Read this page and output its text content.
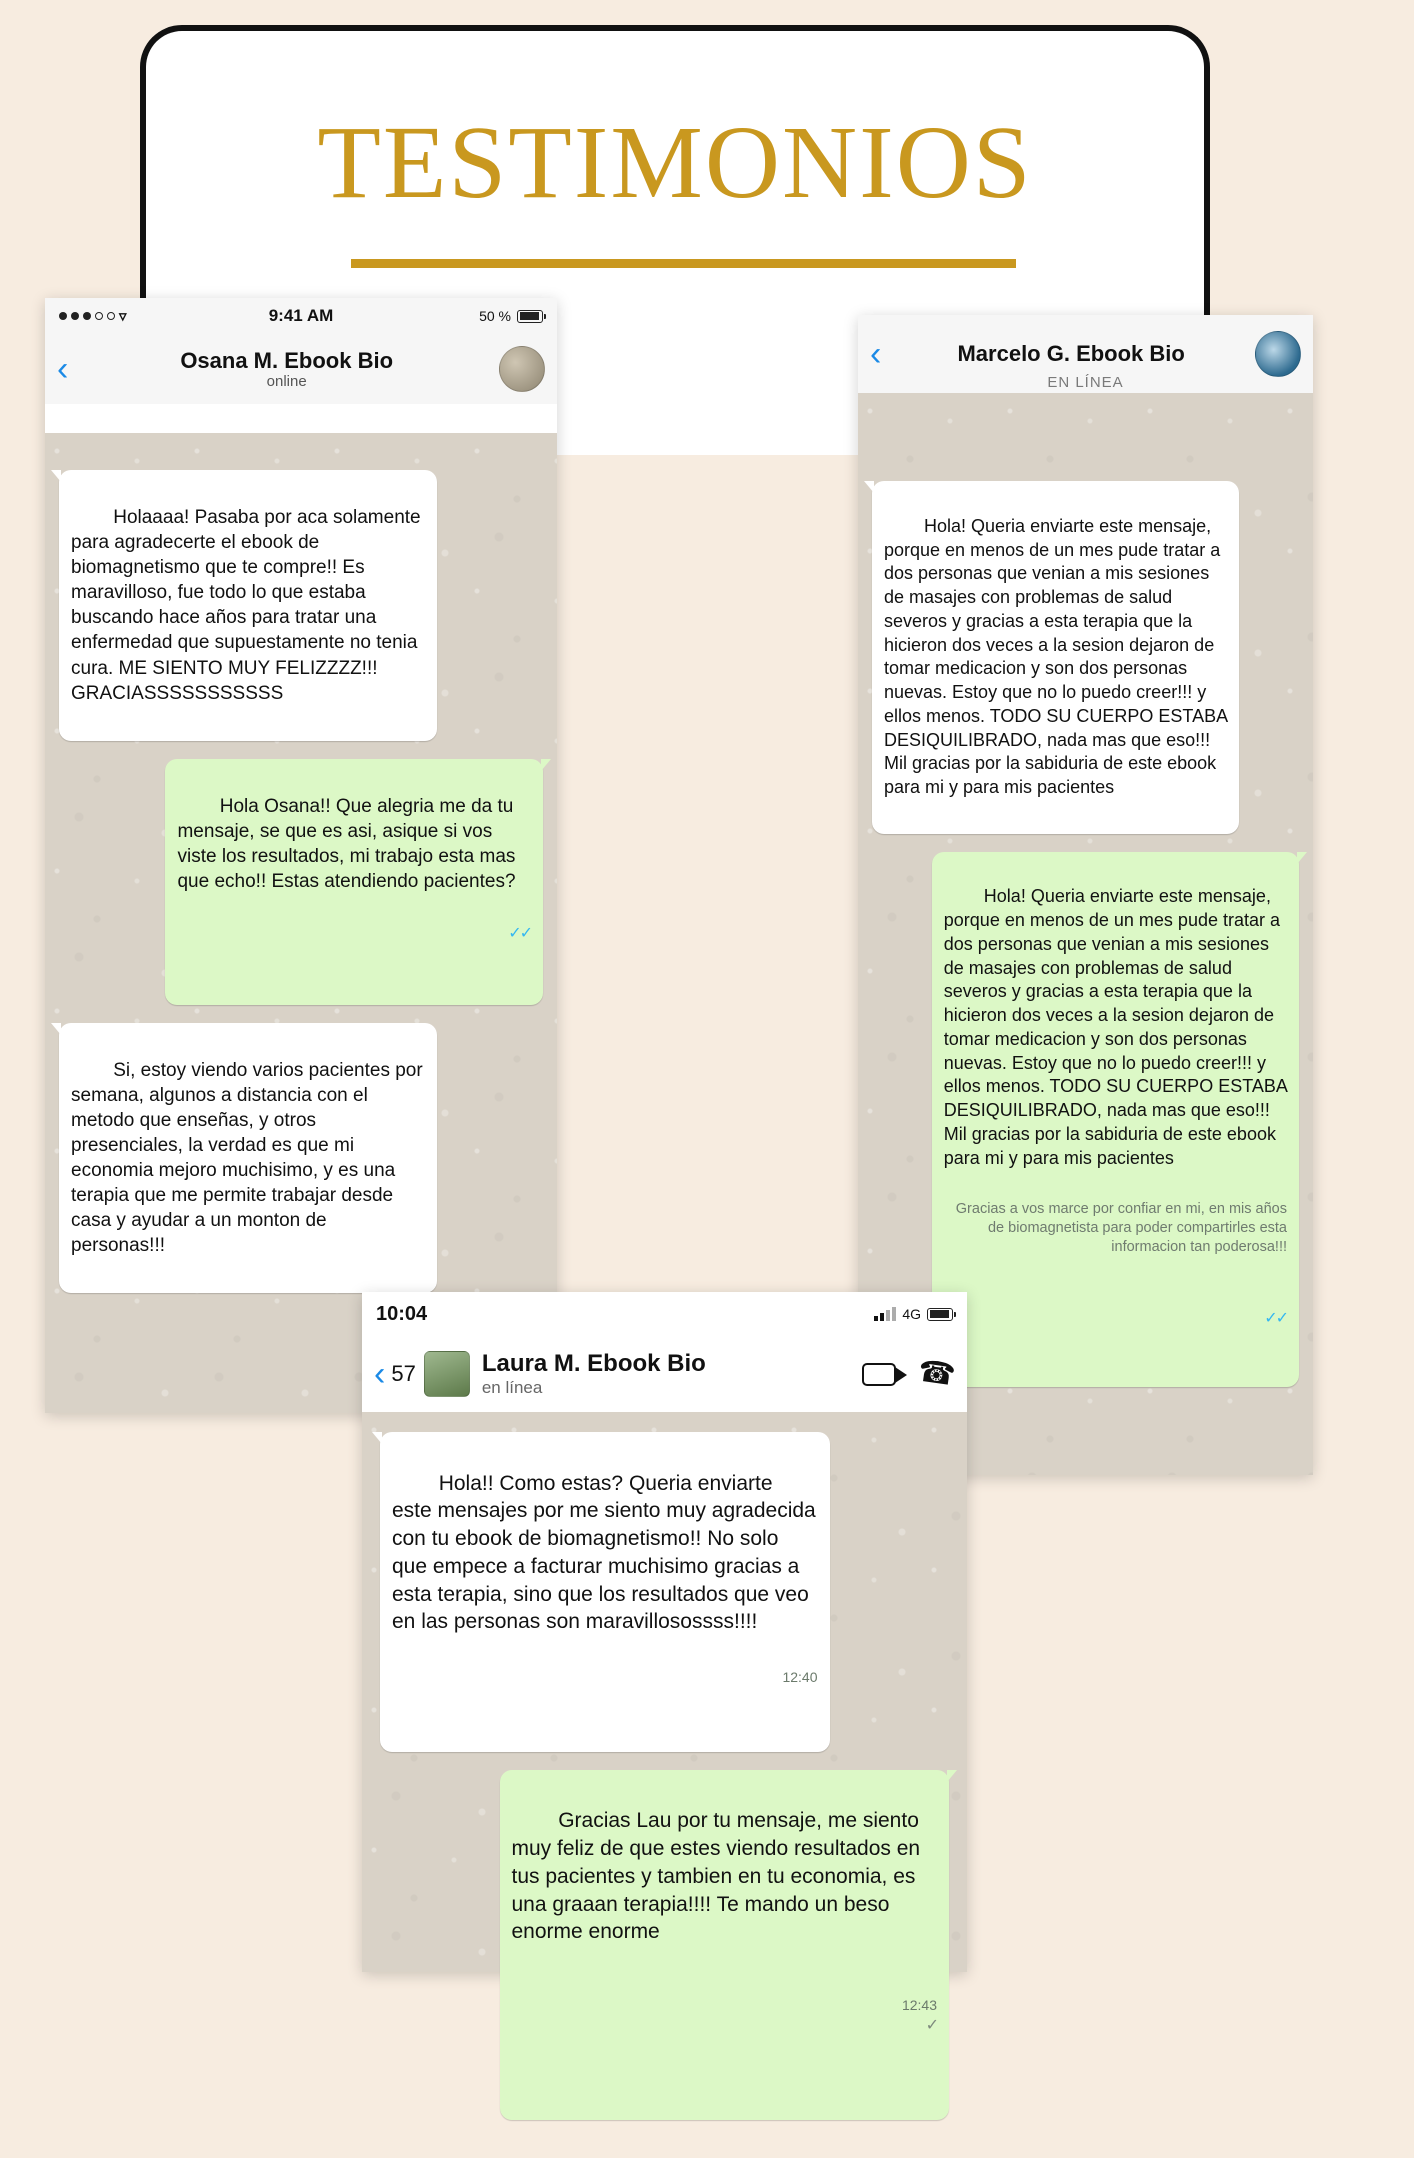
TESTIMONIOS
▿	9:41 AM	50 %
‹	Osana M. Ebook Bio
online

Holaaaa! Pasaba por aca solamente para agradecerte el ebook de biomagnetismo que te compre!! Es maravilloso, fue todo lo que estaba buscando hace años para tratar una enfermedad que supuestamente no tenia cura. ME SIENTO MUY FELIZZZZ!!! GRACIASSSSSSSSSSS

Hola Osana!! Que alegria me da tu mensaje, se que es asi, asique si vos viste los resultados, mi trabajo esta mas que echo!! Estas atendiendo pacientes?

✓✓

Si, estoy viendo varios pacientes por semana, algunos a distancia con el metodo que enseñas, y otros presenciales, la verdad es que mi economia mejoro muchisimo, y es una terapia que me permite trabajar desde casa y ayudar a un monton de personas!!!

‹	Marcelo G. Ebook Bio
EN LÍNEA

Hola! Queria enviarte este mensaje, porque en menos de un mes pude tratar a dos personas que venian a mis sesiones de masajes con problemas de salud severos y gracias a esta terapia que la hicieron dos veces a la sesion dejaron de tomar medicacion y son dos personas nuevas. Estoy que no lo puedo creer!!! y ellos menos. TODO SU CUERPO ESTABA DESIQUILIBRADO, nada mas que eso!!! Mil gracias por la sabiduria de este ebook para mi y para mis pacientes

Hola! Queria enviarte este mensaje, porque en menos de un mes pude tratar a dos personas que venian a mis sesiones de masajes con problemas de salud severos y gracias a esta terapia que la hicieron dos veces a la sesion dejaron de tomar medicacion y son dos personas nuevas. Estoy que no lo puedo creer!!! y ellos menos. TODO SU CUERPO ESTABA DESIQUILIBRADO, nada mas que eso!!! Mil gracias por la sabiduria de este ebook para mi y para mis pacientes

Gracias a vos marce por confiar en mi, en mis años de biomagnetista para poder compartirles esta informacion tan poderosa!!!

✓✓

10:04	4G
‹ 57	Laura M. Ebook Bio
en línea	☎

Hola!! Como estas? Queria enviarte este mensajes por me siento muy agradecida con tu ebook de biomagnetismo!! No solo que empece a facturar muchisimo gracias a esta terapia, sino que los resultados que veo en las personas son maravillosossss!!!!

12:40

Gracias Lau por tu mensaje, me siento muy feliz de que estes viendo resultados en tus pacientes y tambien en tu economia, es una graaan terapia!!!! Te mando un beso enorme enorme

12:43
✓
